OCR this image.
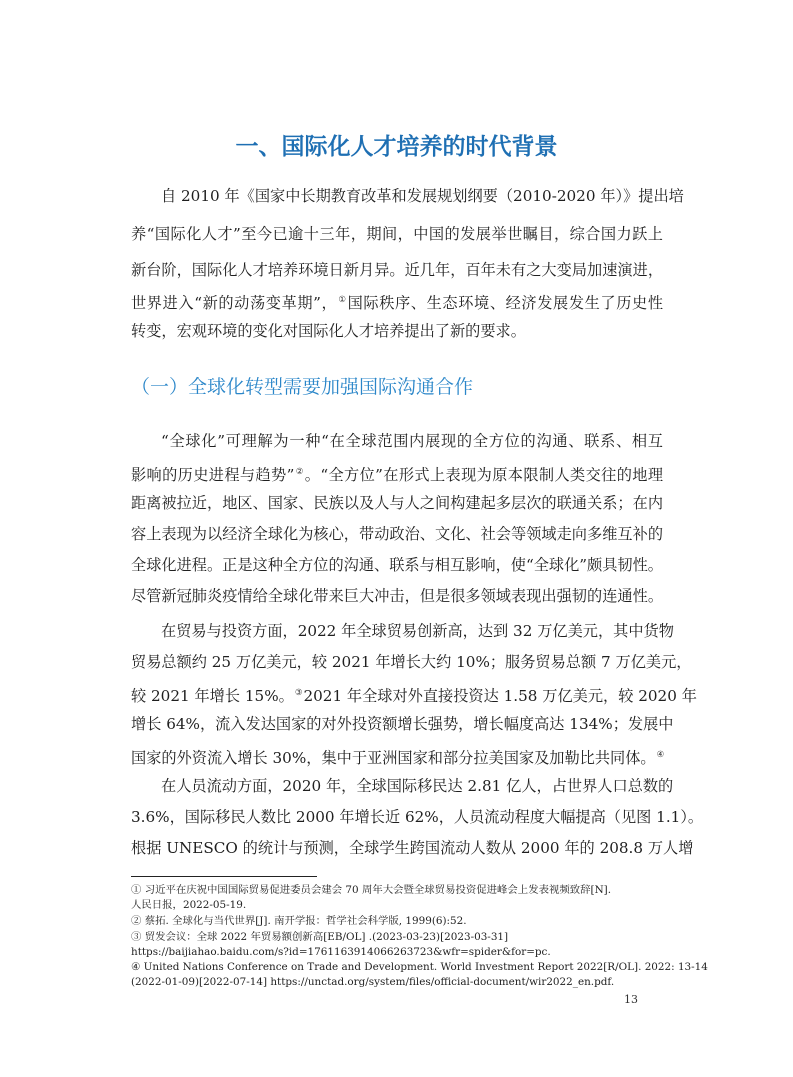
一、国际化人才培养的时代背景
自 2010 年《国家中长期教育改革和发展规划纲要（2010-2020 年）》提出培
养“国际化人才”至今已逾十三年，期间，中国的发展举世瞩目，综合国力跃上
新台阶，国际化人才培养环境日新月异。近几年，百年未有之大变局加速演进，
世界进入“新的动荡变革期”，①国际秩序、生态环境、经济发展发生了历史性
转变，宏观环境的变化对国际化人才培养提出了新的要求。
（一）全球化转型需要加强国际沟通合作
“全球化”可理解为一种“在全球范围内展现的全方位的沟通、联系、相互
影响的历史进程与趋势”②。“全方位”在形式上表现为原本限制人类交往的地理
距离被拉近，地区、国家、民族以及人与人之间构建起多层次的联通关系；在内
容上表现为以经济全球化为核心，带动政治、文化、社会等领域走向多维互补的
全球化进程。正是这种全方位的沟通、联系与相互影响，使“全球化”颇具韧性。
尽管新冠肺炎疫情给全球化带来巨大冲击，但是很多领域表现出强韧的连通性。
在贸易与投资方面，2022 年全球贸易创新高，达到 32 万亿美元，其中货物
贸易总额约 25 万亿美元，较 2021 年增长大约 10%；服务贸易总额 7 万亿美元，
较 2021 年增长 15%。③2021 年全球对外直接投资达 1.58 万亿美元，较 2020 年
增长 64%，流入发达国家的对外投资额增长强势，增长幅度高达 134%；发展中
国家的外资流入增长 30%，集中于亚洲国家和部分拉美国家及加勒比共同体。④
在人员流动方面，2020 年，全球国际移民达 2.81 亿人，占世界人口总数的
3.6%，国际移民人数比 2000 年增长近 62%，人员流动程度大幅提高（见图 1.1）。
根据 UNESCO 的统计与预测，全球学生跨国流动人数从 2000 年的 208.8 万人增
① 习近平在庆祝中国国际贸易促进委员会建会 70 周年大会暨全球贸易投资促进峰会上发表视频致辞[N].
人民日报，2022-05-19.
② 蔡拓. 全球化与当代世界[J]. 南开学报：哲学社会科学版, 1999(6):52.
③ 贸发会议：全球 2022 年贸易额创新高[EB/OL] .(2023-03-23)[2023-03-31]
https://baijiahao.baidu.com/s?id=1761163914066263723&wfr=spider&for=pc.
④ United Nations Conference on Trade and Development. World Investment Report 2022[R/OL]. 2022: 13-14
(2022-01-09)[2022-07-14] https://unctad.org/system/files/official-document/wir2022_en.pdf.
13
